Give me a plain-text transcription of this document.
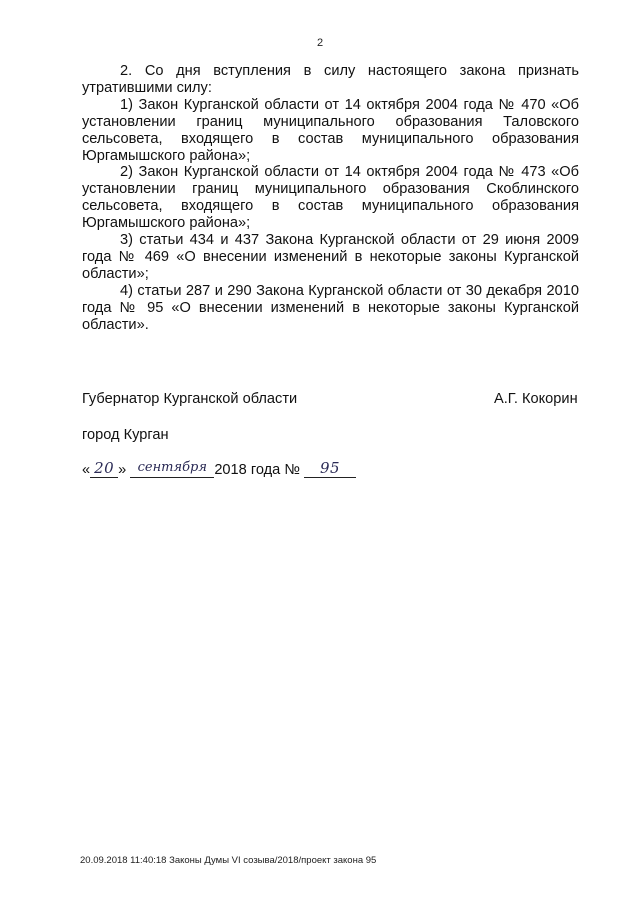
2

2. Со дня вступления в силу настоящего закона признать утратившими силу:

1) Закон Курганской области от 14 октября 2004 года № 470 «Об установлении границ муниципального образования Таловского сельсовета, входящего в состав муниципального образования Юргамышского района»;

2) Закон Курганской области от 14 октября 2004 года № 473 «Об установлении границ муниципального образования Скоблинского сельсовета, входящего в состав муниципального образования Юргамышского района»;

3) статьи 434 и 437 Закона Курганской области от 29 июня 2009 года № 469 «О внесении изменений в некоторые законы Курганской области»;

4) статьи 287 и 290 Закона Курганской области от 30 декабря 2010 года № 95 «О внесении изменений в некоторые законы Курганской области».

Губернатор Курганской области	А.Г. Кокорин
город Курган
« 20 » сентября 2018 года №	95
20.09.2018 11:40:18 Законы Думы VI созыва/2018/проект закона 95
